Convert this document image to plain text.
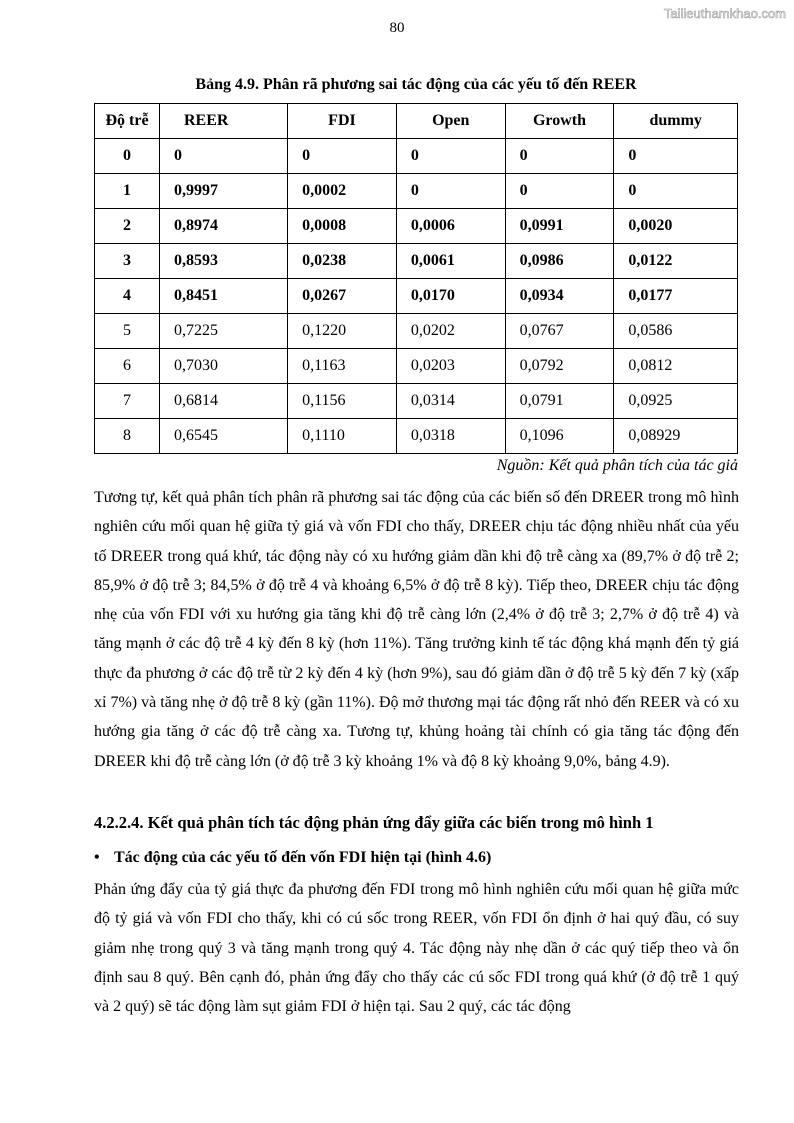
Tailieuthamkhao.com
80
Bảng 4.9. Phân rã phương sai tác động của các yếu tố đến REER
Độ trễ	REER	FDI	Open	Growth	dummy
0	0	0	0	0	0
1	0,9997	0,0002	0	0	0
2	0,8974	0,0008	0,0006	0,0991	0,0020
3	0,8593	0,0238	0,0061	0,0986	0,0122
4	0,8451	0,0267	0,0170	0,0934	0,0177
5	0,7225	0,1220	0,0202	0,0767	0,0586
6	0,7030	0,1163	0,0203	0,0792	0,0812
7	0,6814	0,1156	0,0314	0,0791	0,0925
8	0,6545	0,1110	0,0318	0,1096	0,08929
Nguồn: Kết quả phân tích của tác giả

Tương tự, kết quả phân tích phân rã phương sai tác động của các biến số đến DREER trong mô hình nghiên cứu mối quan hệ giữa tỷ giá và vốn FDI cho thấy, DREER chịu tác động nhiều nhất của yếu tố DREER trong quá khứ, tác động này có xu hướng giảm dần khi độ trễ càng xa (89,7% ở độ trễ 2; 85,9% ở độ trễ 3; 84,5% ở độ trễ 4 và khoảng 6,5% ở độ trễ 8 kỳ). Tiếp theo, DREER chịu tác động nhẹ của vốn FDI với xu hướng gia tăng khi độ trễ càng lớn (2,4% ở độ trễ 3; 2,7% ở độ trễ 4) và tăng mạnh ở các độ trễ 4 kỳ đến 8 kỳ (hơn 11%). Tăng trưởng kinh tế tác động khá mạnh đến tỷ giá thực đa phương ở các độ trễ từ 2 kỳ đến 4 kỳ (hơn 9%), sau đó giảm dần ở độ trễ 5 kỳ đến 7 kỳ (xấp xỉ 7%) và tăng nhẹ ở độ trễ 8 kỳ (gần 11%). Độ mở thương mại tác động rất nhỏ đến REER và có xu hướng gia tăng ở các độ trễ càng xa. Tương tự, khủng hoảng tài chính có gia tăng tác động đến DREER khi độ trễ càng lớn (ở độ trễ 3 kỳ khoảng 1% và độ 8 kỳ khoảng 9,0%, bảng 4.9).

4.2.2.4. Kết quả phân tích tác động phản ứng đẩy giữa các biến trong mô hình 1
• Tác động của các yếu tố đến vốn FDI hiện tại (hình 4.6)

Phản ứng đẩy của tỷ giá thực đa phương đến FDI trong mô hình nghiên cứu mối quan hệ giữa mức độ tỷ giá và vốn FDI cho thấy, khi có cú sốc trong REER, vốn FDI ổn định ở hai quý đầu, có suy giảm nhẹ trong quý 3 và tăng mạnh trong quý 4. Tác động này nhẹ dần ở các quý tiếp theo và ổn định sau 8 quý. Bên cạnh đó, phản ứng đẩy cho thấy các cú sốc FDI trong quá khứ (ở độ trễ 1 quý và 2 quý) sẽ tác động làm sụt giảm FDI ở hiện tại. Sau 2 quý, các tác động
